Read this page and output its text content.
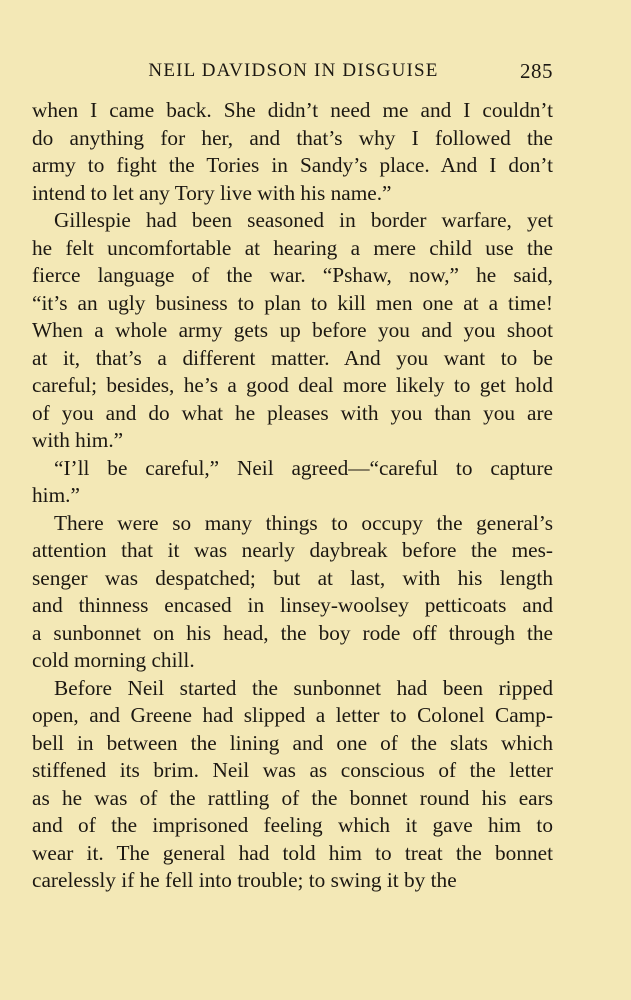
NEIL DAVIDSON IN DISGUISE	285
when I came back. She didn’t need me and I couldn’t
do anything for her, and that’s why I followed the
army to fight the Tories in Sandy’s place. And I don’t
intend to let any Tory live with his name.”
Gillespie had been seasoned in border warfare, yet
he felt uncomfortable at hearing a mere child use the
fierce language of the war. “Pshaw, now,” he said,
“it’s an ugly business to plan to kill men one at a time!
When a whole army gets up before you and you shoot
at it, that’s a different matter. And you want to be
careful; besides, he’s a good deal more likely to get hold
of you and do what he pleases with you than you are
with him.”
“I’ll be careful,” Neil agreed—“careful to capture
him.”
There were so many things to occupy the general’s
attention that it was nearly daybreak before the mes-
senger was despatched; but at last, with his length
and thinness encased in linsey-woolsey petticoats and
a sunbonnet on his head, the boy rode off through the
cold morning chill.
Before Neil started the sunbonnet had been ripped
open, and Greene had slipped a letter to Colonel Camp-
bell in between the lining and one of the slats which
stiffened its brim. Neil was as conscious of the letter
as he was of the rattling of the bonnet round his ears
and of the imprisoned feeling which it gave him to
wear it. The general had told him to treat the bonnet
carelessly if he fell into trouble; to swing it by the
